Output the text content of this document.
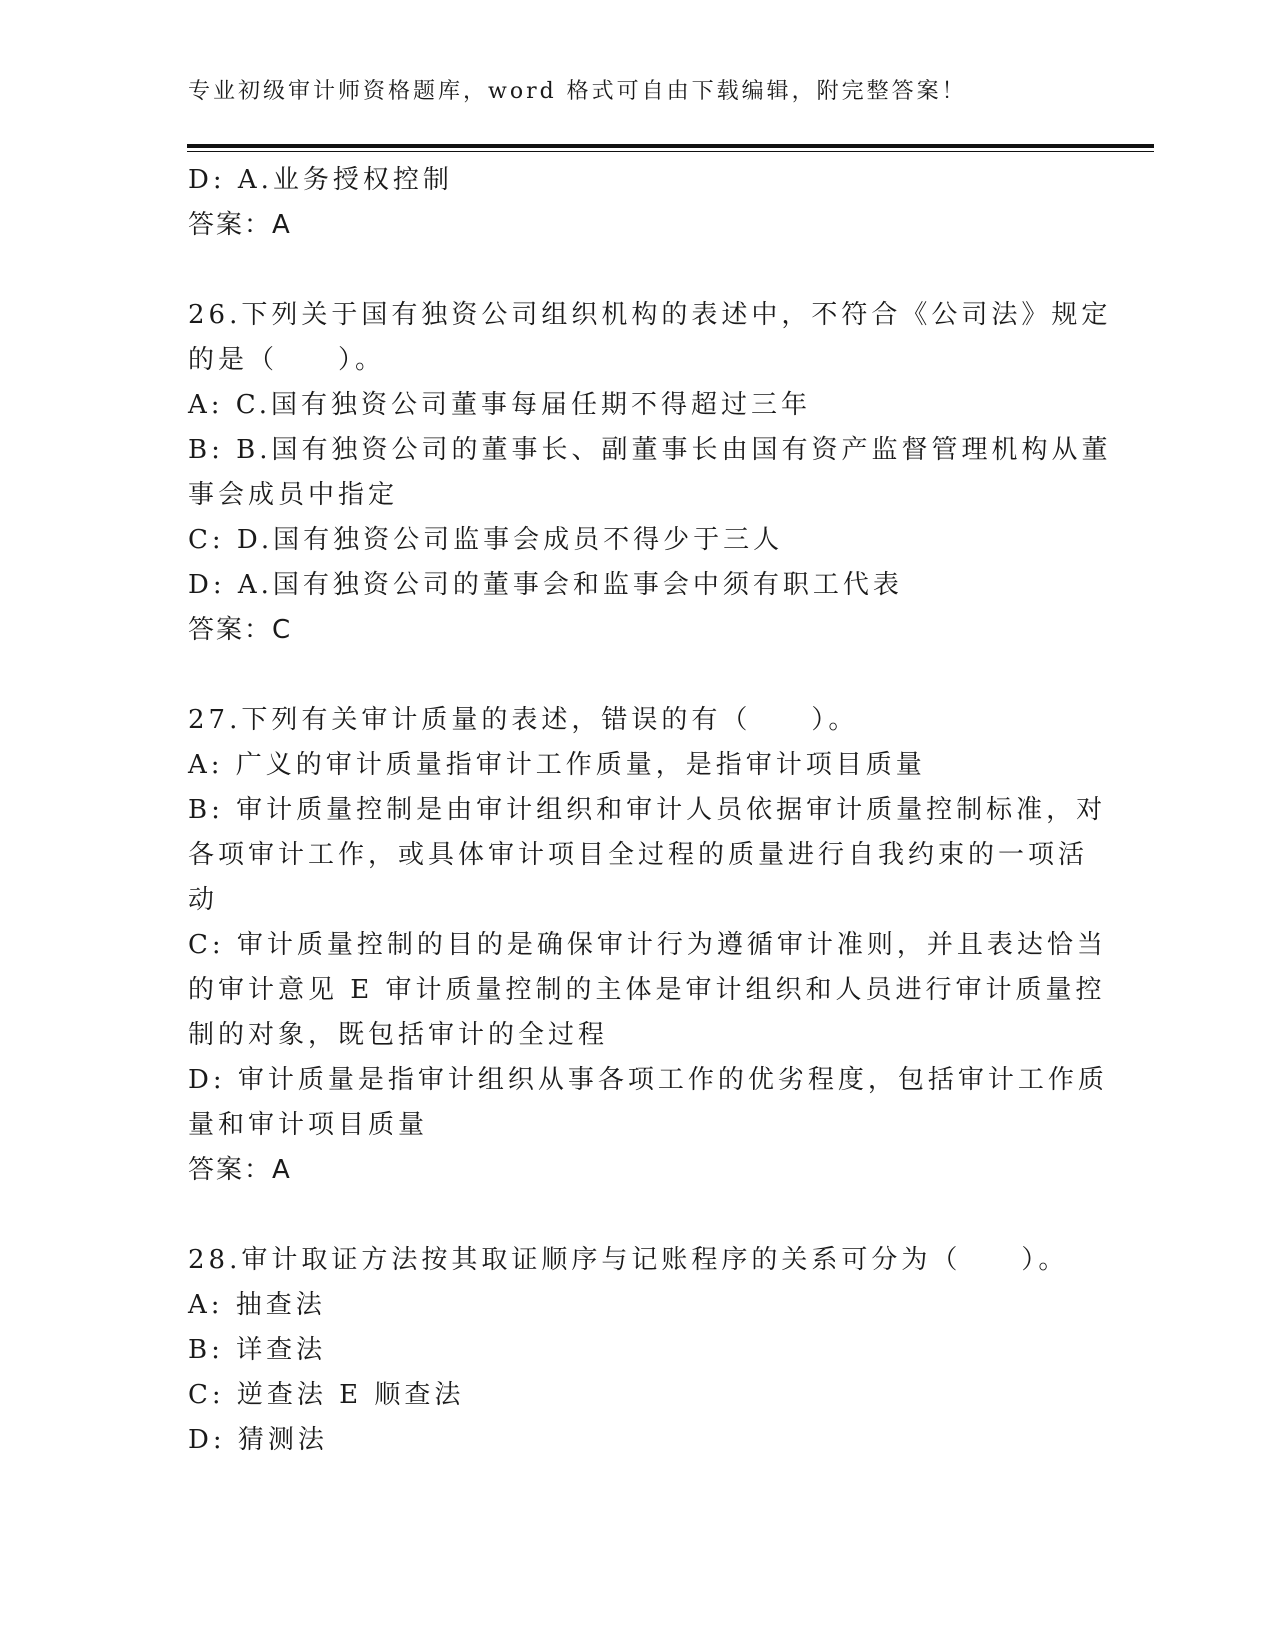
专业初级审计师资格题库，word 格式可自由下载编辑，附完整答案！
D: A.业务授权控制
答案：A
26.下列关于国有独资公司组织机构的表述中，不符合《公司法》规定
的是（　　）。
A: C.国有独资公司董事每届任期不得超过三年
B: B.国有独资公司的董事长、副董事长由国有资产监督管理机构从董
事会成员中指定
C: D.国有独资公司监事会成员不得少于三人
D: A.国有独资公司的董事会和监事会中须有职工代表
答案：C
27.下列有关审计质量的表述，错误的有（　　）。
A: 广义的审计质量指审计工作质量，是指审计项目质量
B: 审计质量控制是由审计组织和审计人员依据审计质量控制标准，对
各项审计工作，或具体审计项目全过程的质量进行自我约束的一项活
动
C: 审计质量控制的目的是确保审计行为遵循审计准则，并且表达恰当
的审计意见 E 审计质量控制的主体是审计组织和人员进行审计质量控
制的对象，既包括审计的全过程
D: 审计质量是指审计组织从事各项工作的优劣程度，包括审计工作质
量和审计项目质量
答案：A
28.审计取证方法按其取证顺序与记账程序的关系可分为（　　）。
A: 抽查法
B: 详查法
C: 逆查法 E 顺查法
D: 猜测法
